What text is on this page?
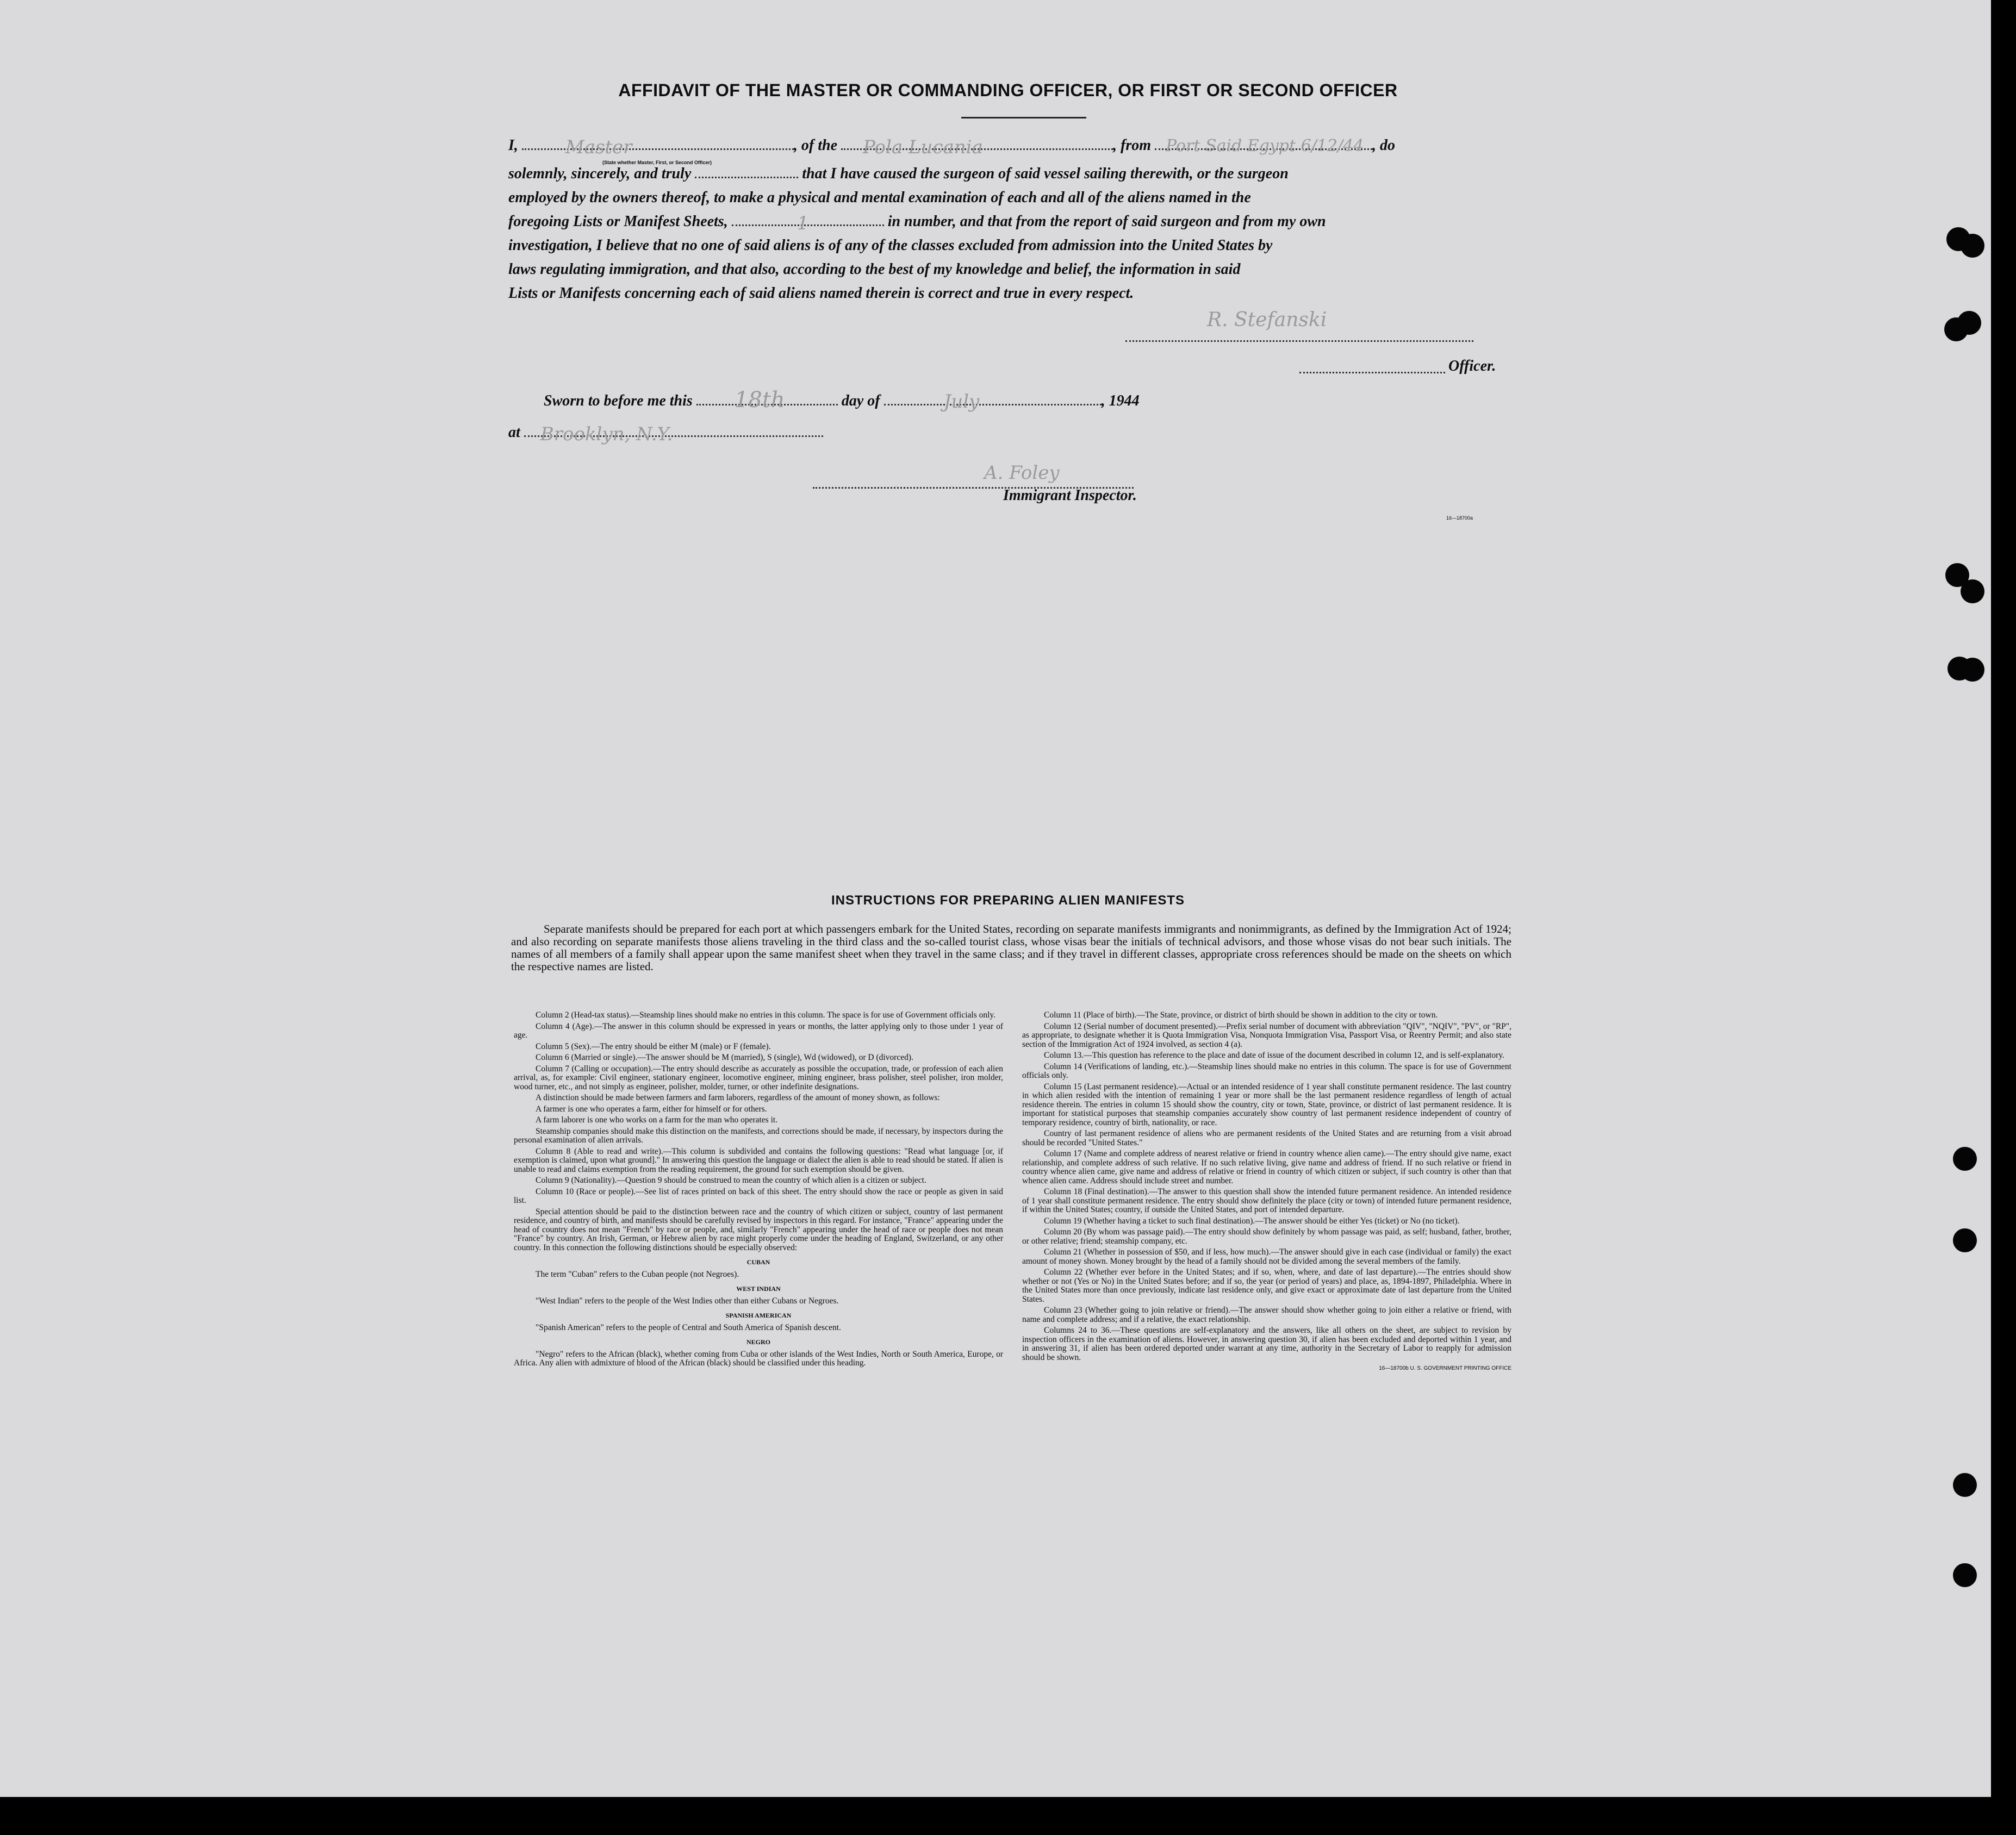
AFFIDAVIT OF THE MASTER OR COMMANDING OFFICER, OR FIRST OR SECOND OFFICER
I,	Master	, of the Pola Lucania	, from Port Said Egypt 6/12/44 , do
(State whether Master, First, or Second Officer)
solemnly, sincerely, and truly	that I have caused the surgeon of said vessel sailing therewith, or the surgeon
employed by the owners thereof, to make a physical and mental examination of each and all of the aliens named in the
foregoing Lists or Manifest Sheets,	1	in number, and that from the report of said surgeon and from my own
investigation, I believe that no one of said aliens is of any of the classes excluded from admission into the United States by
laws regulating immigration, and that also, according to the best of my knowledge and belief, the information in said
Lists or Manifests concerning each of said aliens named therein is correct and true in every respect.
R. Stefanski
Officer.
Sworn to before me this 18th	day of	July	, 1944
at Brooklyn, N.Y.
A. Foley
Immigrant Inspector.
16—18700a
INSTRUCTIONS FOR PREPARING ALIEN MANIFESTS
Separate manifests should be prepared for each port at which passengers embark for the United States, recording on separate manifests immigrants and nonimmigrants, as defined by the Immigration Act of 1924; and also recording on separate manifests those aliens traveling in the third class and the so-called tourist class, whose visas bear the initials of technical advisors, and those whose visas do not bear such initials. The names of all members of a family shall appear upon the same manifest sheet when they travel in the same class; and if they travel in different classes, appropriate cross references should be made on the sheets on which the respective names are listed.

Column 2 (Head-tax status).—Steamship lines should make no entries in this column. The space is for use of Government officials only.

Column 4 (Age).—The answer in this column should be expressed in years or months, the latter applying only to those under 1 year of age.

Column 5 (Sex).—The entry should be either M (male) or F (female).

Column 6 (Married or single).—The answer should be M (married), S (single), Wd (widowed), or D (divorced).

Column 7 (Calling or occupation).—The entry should describe as accurately as possible the occupation, trade, or profession of each alien arrival, as, for example: Civil engineer, stationary engineer, locomotive engineer, mining engineer, brass polisher, steel polisher, iron molder, wood turner, etc., and not simply as engineer, polisher, molder, turner, or other indefinite designations.

A distinction should be made between farmers and farm laborers, regardless of the amount of money shown, as follows:

A farmer is one who operates a farm, either for himself or for others.

A farm laborer is one who works on a farm for the man who operates it.

Steamship companies should make this distinction on the manifests, and corrections should be made, if necessary, by inspectors during the personal examination of alien arrivals.

Column 8 (Able to read and write).—This column is subdivided and contains the following questions: "Read what language [or, if exemption is claimed, upon what ground]." In answering this question the language or dialect the alien is able to read should be stated. If alien is unable to read and claims exemption from the reading requirement, the ground for such exemption should be given.

Column 9 (Nationality).—Question 9 should be construed to mean the country of which alien is a citizen or subject.

Column 10 (Race or people).—See list of races printed on back of this sheet. The entry should show the race or people as given in said list.

Special attention should be paid to the distinction between race and the country of which citizen or subject, country of last permanent residence, and country of birth, and manifests should be carefully revised by inspectors in this regard. For instance, "France" appearing under the head of country does not mean "French" by race or people, and, similarly "French" appearing under the head of race or people does not mean "France" by country. An Irish, German, or Hebrew alien by race might properly come under the heading of England, Switzerland, or any other country. In this connection the following distinctions should be especially observed:

CUBAN

The term "Cuban" refers to the Cuban people (not Negroes).

WEST INDIAN

"West Indian" refers to the people of the West Indies other than either Cubans or Negroes.

SPANISH AMERICAN

"Spanish American" refers to the people of Central and South America of Spanish descent.

NEGRO

"Negro" refers to the African (black), whether coming from Cuba or other islands of the West Indies, North or South America, Europe, or Africa. Any alien with admixture of blood of the African (black) should be classified under this heading.

Column 11 (Place of birth).—The State, province, or district of birth should be shown in addition to the city or town.

Column 12 (Serial number of document presented).—Prefix serial number of document with abbreviation "QIV", "NQIV", "PV", or "RP", as appropriate, to designate whether it is Quota Immigration Visa, Nonquota Immigration Visa, Passport Visa, or Reentry Permit; and also state section of the Immigration Act of 1924 involved, as section 4 (a).

Column 13.—This question has reference to the place and date of issue of the document described in column 12, and is self-explanatory.

Column 14 (Verifications of landing, etc.).—Steamship lines should make no entries in this column. The space is for use of Government officials only.

Column 15 (Last permanent residence).—Actual or an intended residence of 1 year shall constitute permanent residence. The last country in which alien resided with the intention of remaining 1 year or more shall be the last permanent residence regardless of length of actual residence therein. The entries in column 15 should show the country, city or town, State, province, or district of last permanent residence. It is important for statistical purposes that steamship companies accurately show country of last permanent residence independent of country of temporary residence, country of birth, nationality, or race.

Country of last permanent residence of aliens who are permanent residents of the United States and are returning from a visit abroad should be recorded "United States."

Column 17 (Name and complete address of nearest relative or friend in country whence alien came).—The entry should give name, exact relationship, and complete address of such relative. If no such relative living, give name and address of friend. If no such relative or friend in country whence alien came, give name and address of relative or friend in country of which citizen or subject, if such country is other than that whence alien came. Address should include street and number.

Column 18 (Final destination).—The answer to this question shall show the intended future permanent residence. An intended residence of 1 year shall constitute permanent residence. The entry should show definitely the place (city or town) of intended future permanent residence, if within the United States; country, if outside the United States, and port of intended departure.

Column 19 (Whether having a ticket to such final destination).—The answer should be either Yes (ticket) or No (no ticket).

Column 20 (By whom was passage paid).—The entry should show definitely by whom passage was paid, as self; husband, father, brother, or other relative; friend; steamship company, etc.

Column 21 (Whether in possession of $50, and if less, how much).—The answer should give in each case (individual or family) the exact amount of money shown. Money brought by the head of a family should not be divided among the several members of the family.

Column 22 (Whether ever before in the United States; and if so, when, where, and date of last departure).—The entries should show whether or not (Yes or No) in the United States before; and if so, the year (or period of years) and place, as, 1894-1897, Philadelphia. Where in the United States more than once previously, indicate last residence only, and give exact or approximate date of last departure from the United States.

Column 23 (Whether going to join relative or friend).—The answer should show whether going to join either a relative or friend, with name and complete address; and if a relative, the exact relationship.

Columns 24 to 36.—These questions are self-explanatory and the answers, like all others on the sheet, are subject to revision by inspection officers in the examination of aliens. However, in answering question 30, if alien has been excluded and deported within 1 year, and in answering 31, if alien has been ordered deported under warrant at any time, authority in the Secretary of Labor to reapply for admission should be shown.

16—18700b U. S. GOVERNMENT PRINTING OFFICE
